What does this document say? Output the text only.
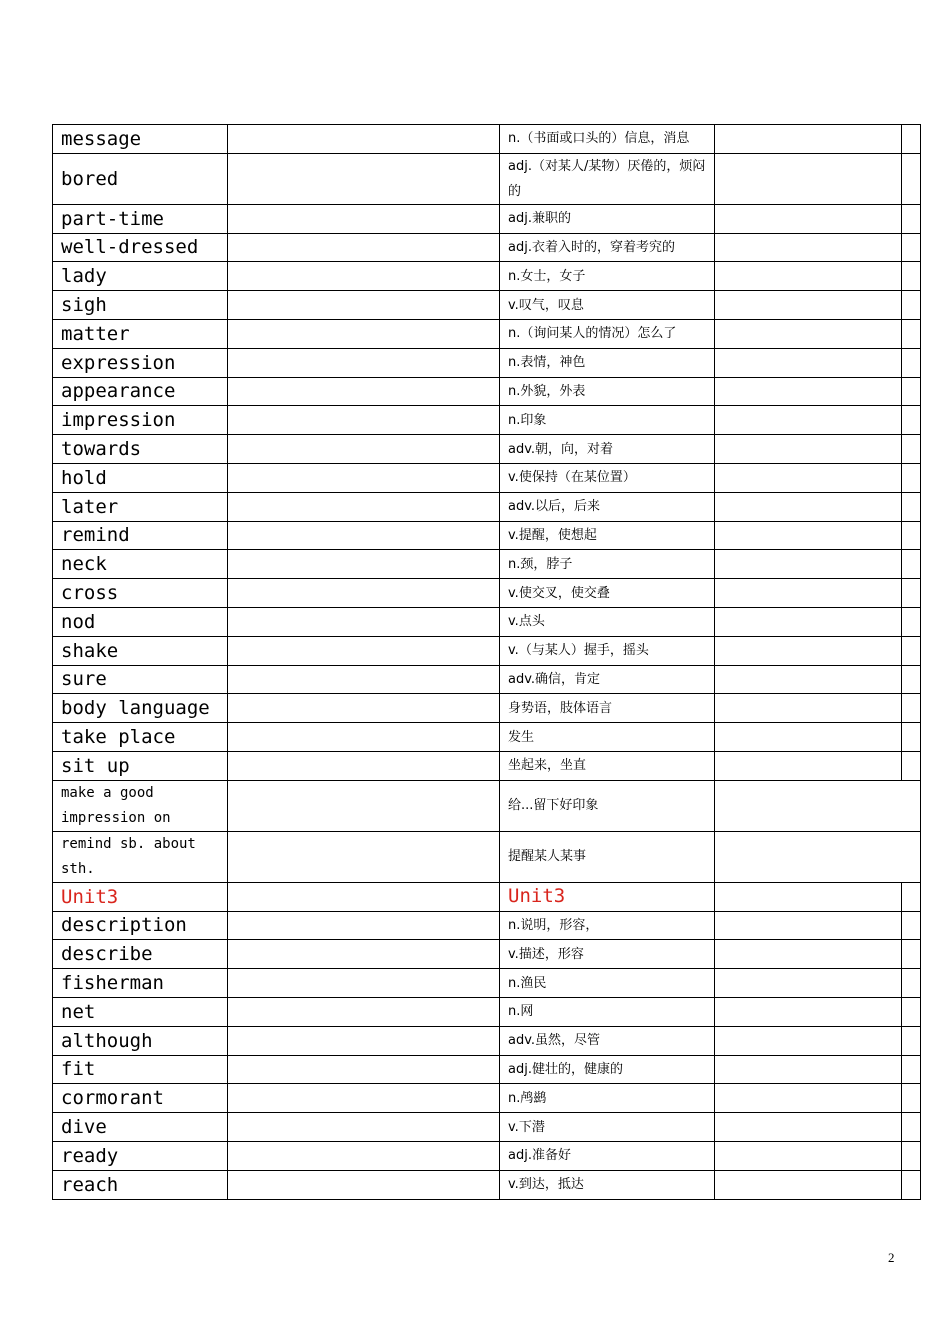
message		n.（书面或口头的）信息，消息		
bored		adj.（对某人/某物）厌倦的，烦闷的		
part-time		adj.兼职的		
well-dressed		adj.衣着入时的，穿着考究的		
lady		n.女士，女子		
sigh		v.叹气，叹息		
matter		n.（询问某人的情况）怎么了		
expression		n.表情，神色		
appearance		n.外貌，外表		
impression		n.印象		
towards		adv.朝，向，对着		
hold		v.使保持（在某位置）		
later		adv.以后，后来		
remind		v.提醒，使想起		
neck		n.颈，脖子		
cross		v.使交叉，使交叠		
nod		v.点头		
shake		v.（与某人）握手，摇头		
sure		adv.确信，肯定		
body language		身势语，肢体语言		
take place		发生		
sit up		坐起来，坐直		
make a good impression on		给...留下好印象		
remind sb. about sth.		提醒某人某事		
Unit3		Unit3		
description		n.说明，形容，		
describe		v.描述，形容		
fisherman		n.渔民		
net		n.网		
although		adv.虽然，尽管		
fit		adj.健壮的，健康的		
cormorant		n.鸬鹚		
dive		v.下潜		
ready		adj.准备好		
reach		v.到达，抵达		
2
